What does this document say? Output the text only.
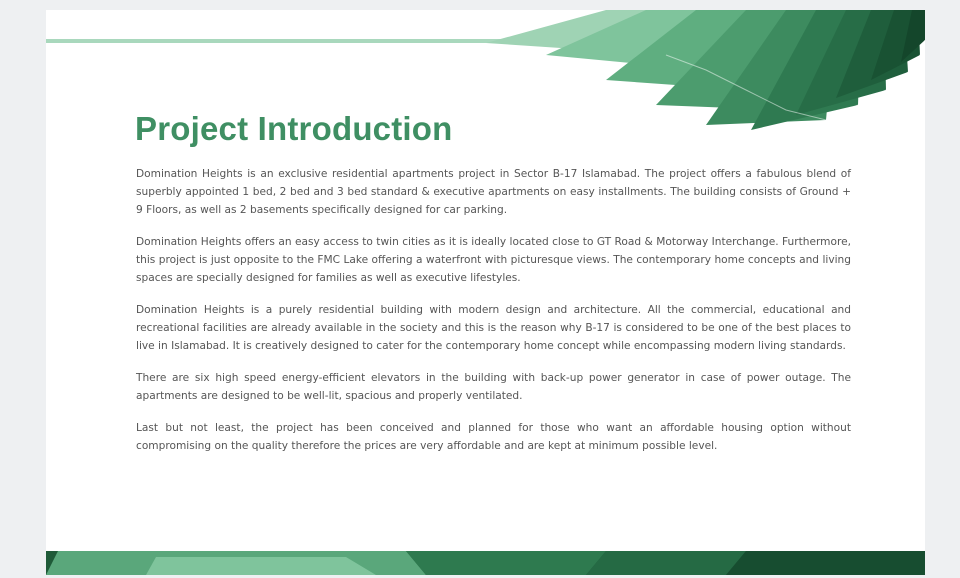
Project Introduction

Domination Heights is an exclusive residential apartments project in Sector B-17 Islamabad. The project offers a fabulous blend of superbly appointed 1 bed, 2 bed and 3 bed standard & executive apartments on easy installments. The building consists of Ground + 9 Floors, as well as 2 basements specifically designed for car parking.

Domination Heights offers an easy access to twin cities as it is ideally located close to GT Road & Motorway Interchange. Furthermore, this project is just opposite to the FMC Lake offering a waterfront with picturesque views. The contemporary home concepts and living spaces are specially designed for families as well as executive lifestyles.

Domination Heights is a purely residential building with modern design and architecture. All the commercial, educational and recreational facilities are already available in the society and this is the reason why B-17 is considered to be one of the best places to live in Islamabad. It is creatively designed to cater for the contemporary home concept while encompassing modern living standards.

There are six high speed energy-efficient elevators in the building with back-up power generator in case of power outage. The apartments are designed to be well-lit, spacious and properly ventilated.

Last but not least, the project has been conceived and planned for those who want an affordable housing option without compromising on the quality therefore the prices are very affordable and are kept at minimum possible level.
